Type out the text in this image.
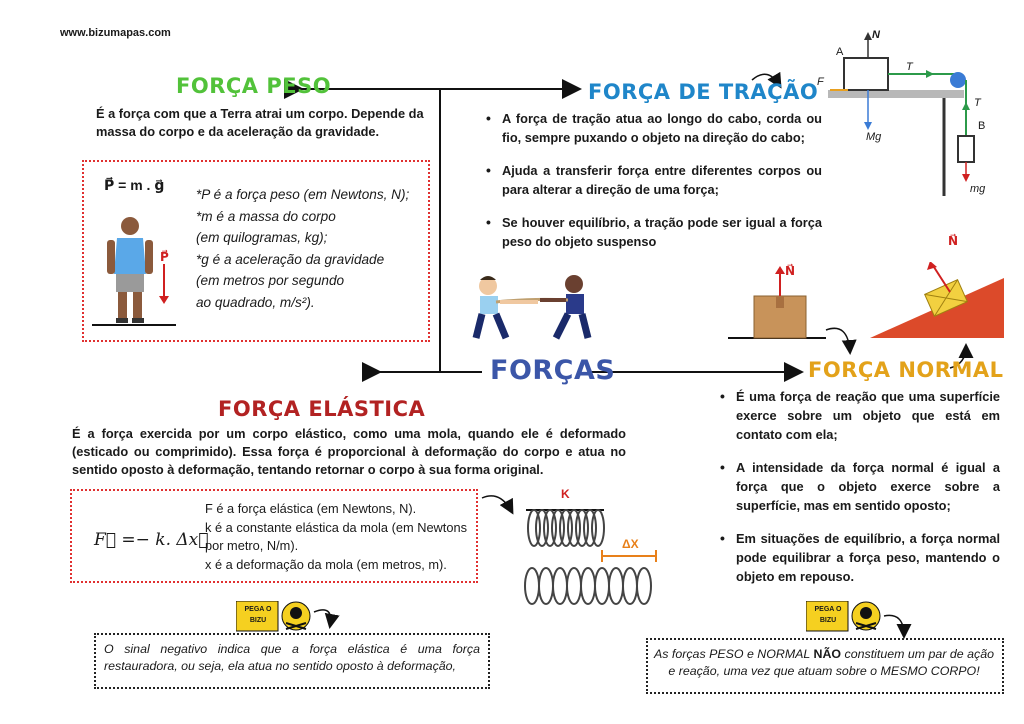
www.bizumapas.com
FORÇA PESO	FORÇA DE TRAÇÃO
FORÇA ELÁSTICA
FORÇA NORMAL
FORÇAS
É a força com que a Terra atrai um corpo. Depende da massa do corpo e da aceleração da gravidade.
P⃗ = m . g⃗
*P é a força peso (em Newtons, N);
*m é a massa do corpo
(em quilogramas, kg);
*g é a aceleração da gravidade
(em metros por segundo
ao quadrado, m/s²).
P⃗
• A força de tração atua ao longo do cabo, corda ou fio, sempre puxando o objeto na direção do cabo;
• Ajuda a transferir força entre diferentes corpos ou para alterar a direção de uma força;
• Se houver equilíbrio, a tração pode ser igual a força peso do objeto suspenso
N
A
F
T
T
B
Mg
mg
N⃗
N⃗
• É uma força de reação que uma superfície exerce sobre um objeto que está em contato com ela;
• A intensidade da força normal é igual a força que o objeto exerce sobre a superfície, mas em sentido oposto;
• Em situações de equilíbrio, a força normal pode equilibrar a força peso, mantendo o objeto em repouso.
É a força exercida por um corpo elástico, como uma mola, quando ele é deformado (esticado ou comprimido). Essa força é proporcional à deformação do corpo e atua no sentido oposto à deformação, tentando retornar o corpo à sua forma original.
F⃗ =− k. Δx⃗
F é a força elástica (em Newtons, N).
k é a constante elástica da mola (em Newtons por metro, N/m).
x é a deformação da mola (em metros, m).
K
ΔX
PEGA O
BIZU
PEGA O
BIZU
O sinal negativo indica que a força elástica é uma força restauradora, ou seja, ela atua no sentido oposto à deformação,
As forças PESO e NORMAL NÃO constituem um par de ação e reação, uma vez que atuam sobre o MESMO CORPO!
